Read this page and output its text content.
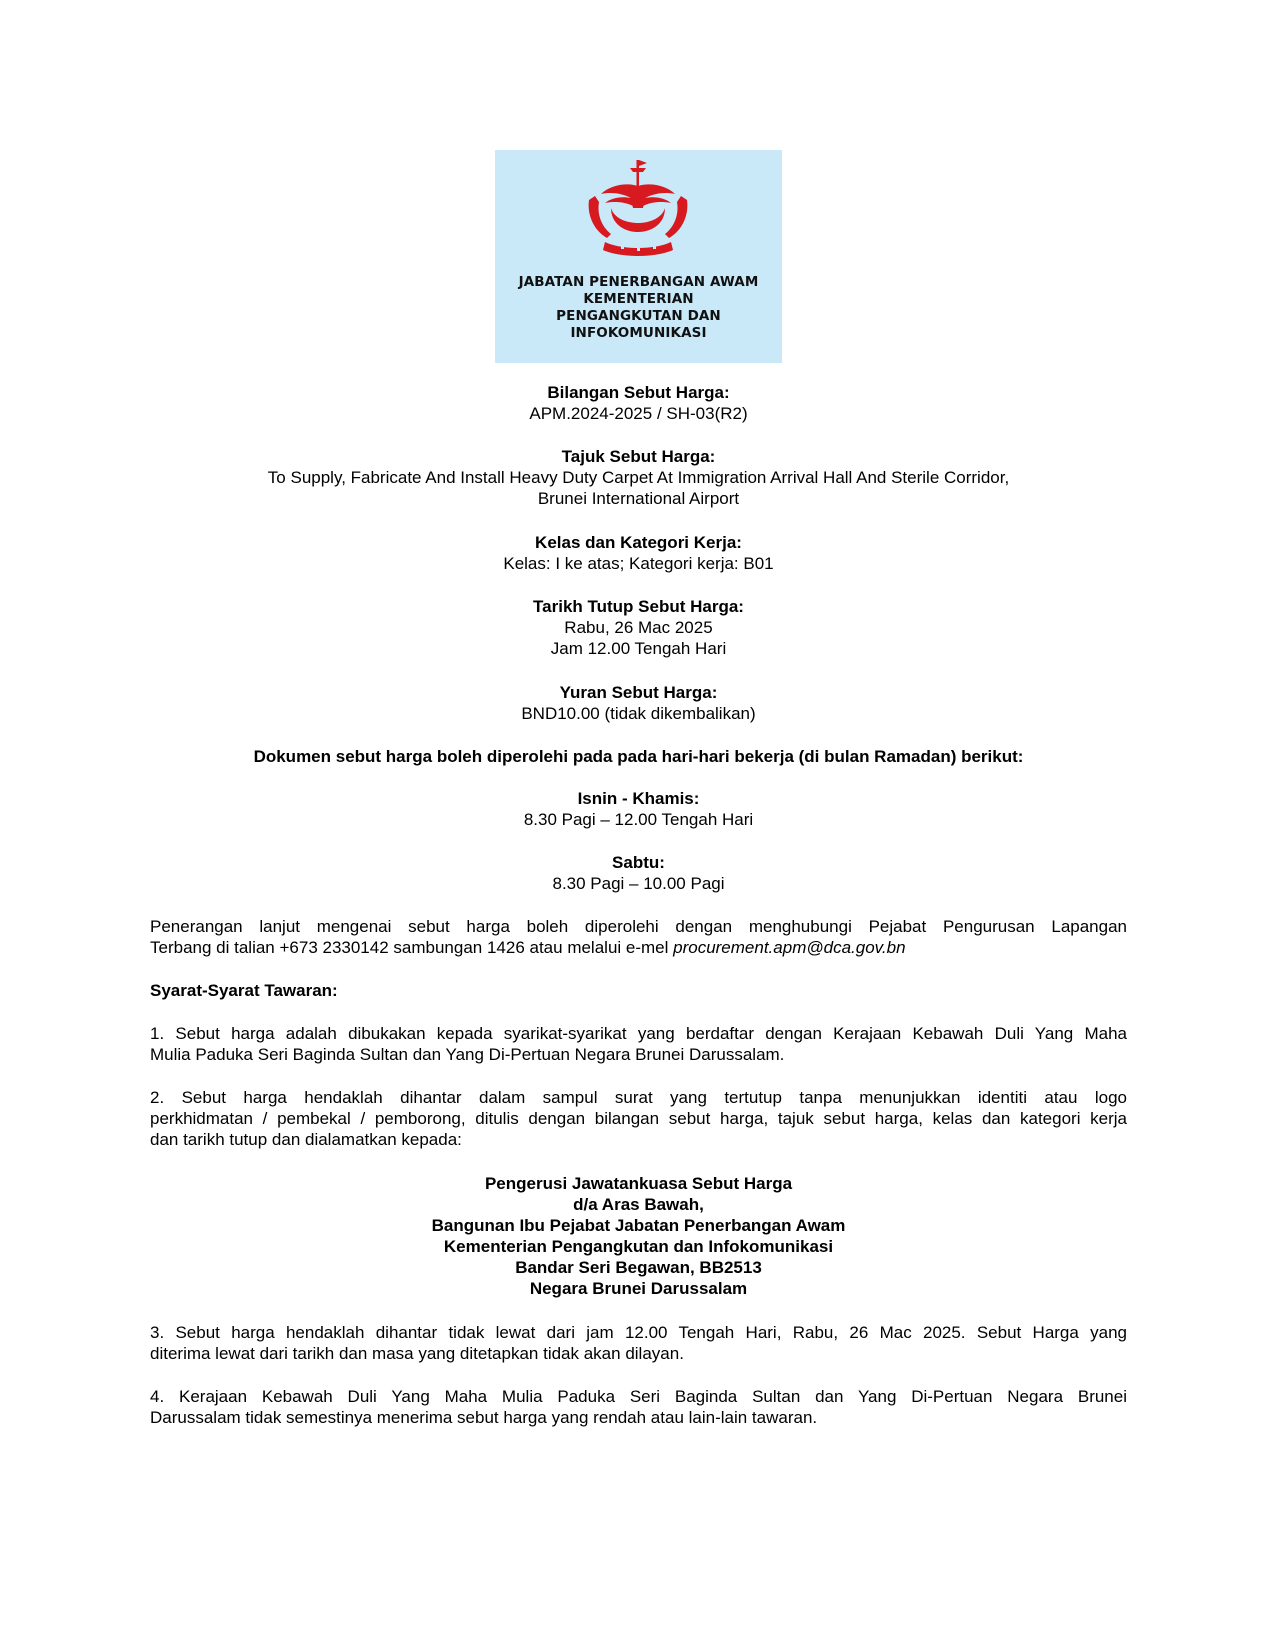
JABATAN PENERBANGAN AWAM
KEMENTERIAN
PENGANGKUTAN DAN
INFOKOMUNIKASI
Bilangan Sebut Harga:
APM.2024-2025 / SH-03(R2)
Tajuk Sebut Harga:
To Supply, Fabricate And Install Heavy Duty Carpet At Immigration Arrival Hall And Sterile Corridor,
Brunei International Airport
Kelas dan Kategori Kerja:
Kelas: I ke atas; Kategori kerja: B01
Tarikh Tutup Sebut Harga:
Rabu, 26 Mac 2025
Jam 12.00 Tengah Hari
Yuran Sebut Harga:
BND10.00 (tidak dikembalikan)
Dokumen sebut harga boleh diperolehi pada pada hari-hari bekerja (di bulan Ramadan) berikut:
Isnin - Khamis:
8.30 Pagi – 12.00 Tengah Hari
Sabtu:
8.30 Pagi – 10.00 Pagi
Penerangan lanjut mengenai sebut harga boleh diperolehi dengan menghubungi Pejabat Pengurusan Lapangan
Terbang di talian +673 2330142 sambungan 1426 atau melalui e-mel procurement.apm@dca.gov.bn
Syarat-Syarat Tawaran:
1. Sebut harga adalah dibukakan kepada syarikat-syarikat yang berdaftar dengan Kerajaan Kebawah Duli Yang Maha
Mulia Paduka Seri Baginda Sultan dan Yang Di-Pertuan Negara Brunei Darussalam.
2. Sebut harga hendaklah dihantar dalam sampul surat yang tertutup tanpa menunjukkan identiti atau logo
perkhidmatan / pembekal / pemborong, ditulis dengan bilangan sebut harga, tajuk sebut harga, kelas dan kategori kerja
dan tarikh tutup dan dialamatkan kepada:
Pengerusi Jawatankuasa Sebut Harga
d/a Aras Bawah,
Bangunan Ibu Pejabat Jabatan Penerbangan Awam
Kementerian Pengangkutan dan Infokomunikasi
Bandar Seri Begawan, BB2513
Negara Brunei Darussalam
3. Sebut harga hendaklah dihantar tidak lewat dari jam 12.00 Tengah Hari, Rabu, 26 Mac 2025. Sebut Harga yang
diterima lewat dari tarikh dan masa yang ditetapkan tidak akan dilayan.
4. Kerajaan Kebawah Duli Yang Maha Mulia Paduka Seri Baginda Sultan dan Yang Di-Pertuan Negara Brunei
Darussalam tidak semestinya menerima sebut harga yang rendah atau lain-lain tawaran.
